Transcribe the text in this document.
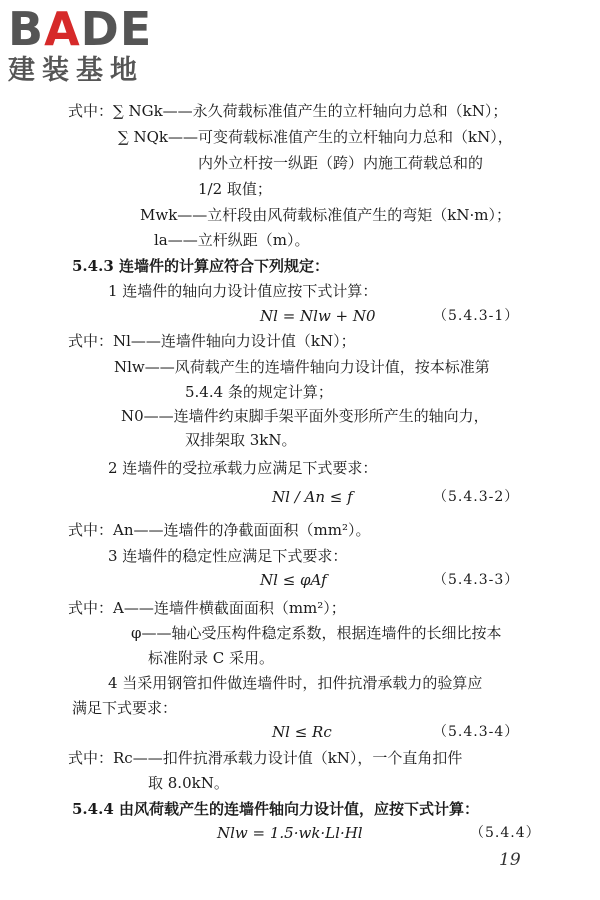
BADE
建装基地
式中：∑ NGk——永久荷载标准值产生的立杆轴向力总和（kN）；
∑ NQk——可变荷载标准值产生的立杆轴向力总和（kN），
内外立杆按一纵距（跨）内施工荷载总和的
1/2 取值；
Mwk——立杆段由风荷载标准值产生的弯矩（kN·m）；
la——立杆纵距（m）。
5.4.3 连墙件的计算应符合下列规定：
1 连墙件的轴向力设计值应按下式计算：
Nl = Nlw + N0	（5.4.3-1）
式中：Nl——连墙件轴向力设计值（kN）；
Nlw——风荷载产生的连墙件轴向力设计值，按本标准第
5.4.4 条的规定计算；
N0——连墙件约束脚手架平面外变形所产生的轴向力，
双排架取 3kN。
2 连墙件的受拉承载力应满足下式要求：
Nl / An ≤ f	（5.4.3-2）
式中：An——连墙件的净截面面积（mm²）。
3 连墙件的稳定性应满足下式要求：
Nl ≤ φAf	（5.4.3-3）
式中：A——连墙件横截面面积（mm²）；
φ——轴心受压构件稳定系数，根据连墙件的长细比按本
标准附录 C 采用。
4 当采用钢管扣件做连墙件时，扣件抗滑承载力的验算应
满足下式要求：
Nl ≤ Rc	（5.4.3-4）
式中：Rc——扣件抗滑承载力设计值（kN），一个直角扣件
取 8.0kN。
5.4.4 由风荷载产生的连墙件轴向力设计值，应按下式计算：
Nlw = 1.5·wk·Ll·Hl	（5.4.4）
19
